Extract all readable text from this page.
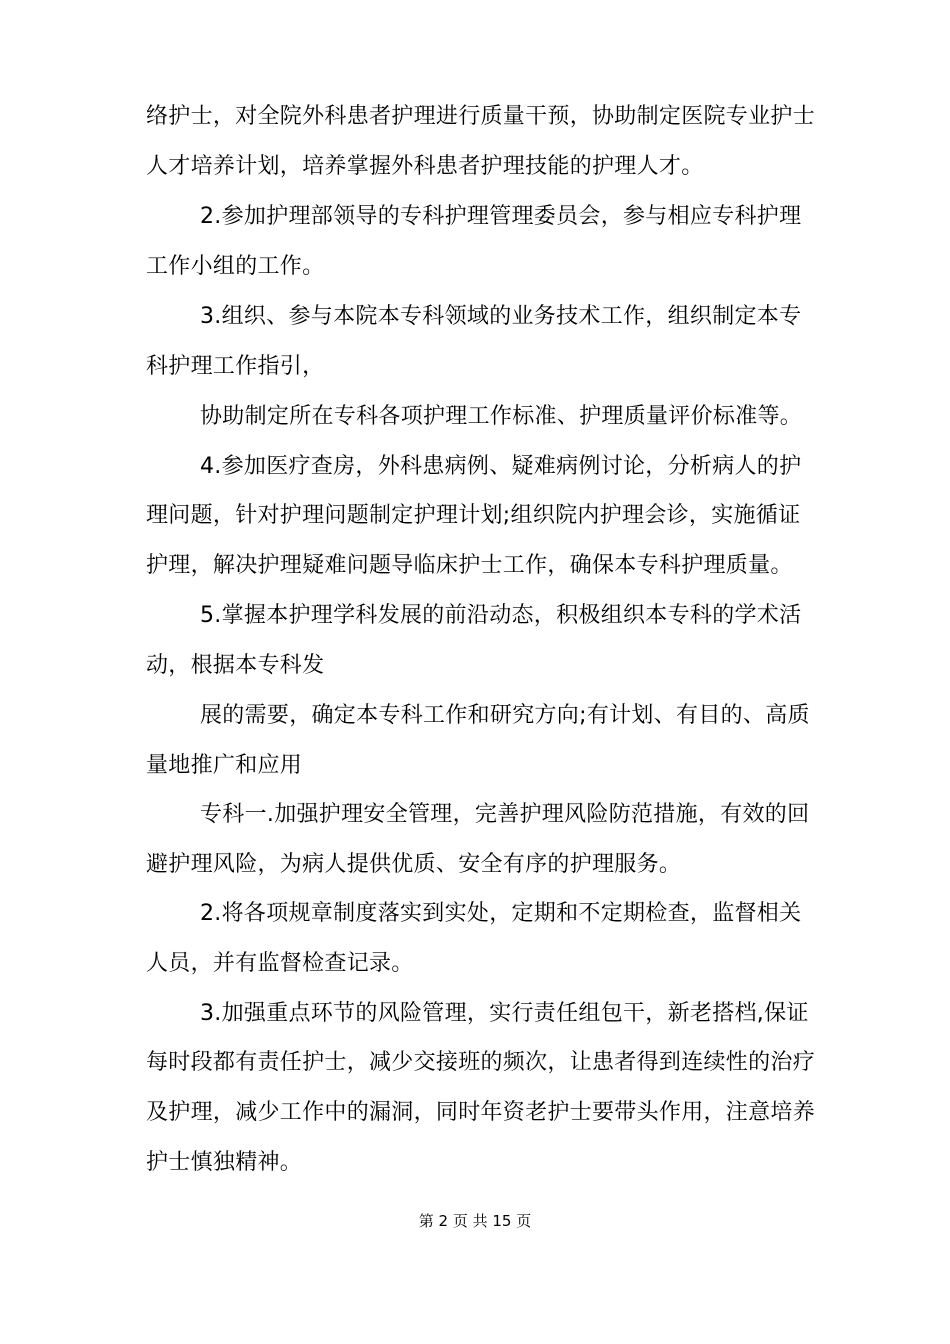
络护士，对全院外科患者护理进行质量干预，协助制定医院专业护士
人才培养计划，培养掌握外科患者护理技能的护理人才。
2.参加护理部领导的专科护理管理委员会，参与相应专科护理
工作小组的工作。
3.组织、参与本院本专科领域的业务技术工作，组织制定本专
科护理工作指引，
协助制定所在专科各项护理工作标准、护理质量评价标准等。
4.参加医疗查房，外科患病例、疑难病例讨论，分析病人的护
理问题，针对护理问题制定护理计划;组织院内护理会诊，实施循证
护理，解决护理疑难问题导临床护士工作，确保本专科护理质量。
5.掌握本护理学科发展的前沿动态，积极组织本专科的学术活
动，根据本专科发
展的需要，确定本专科工作和研究方向;有计划、有目的、高质
量地推广和应用
专科一.加强护理安全管理，完善护理风险防范措施，有效的回
避护理风险，为病人提供优质、安全有序的护理服务。
2.将各项规章制度落实到实处，定期和不定期检查，监督相关
人员，并有监督检查记录。
3.加强重点环节的风险管理，实行责任组包干，新老搭档,保证
每时段都有责任护士，减少交接班的频次，让患者得到连续性的治疗
及护理，减少工作中的漏洞，同时年资老护士要带头作用，注意培养
护士慎独精神。
第 2 页 共 15 页
